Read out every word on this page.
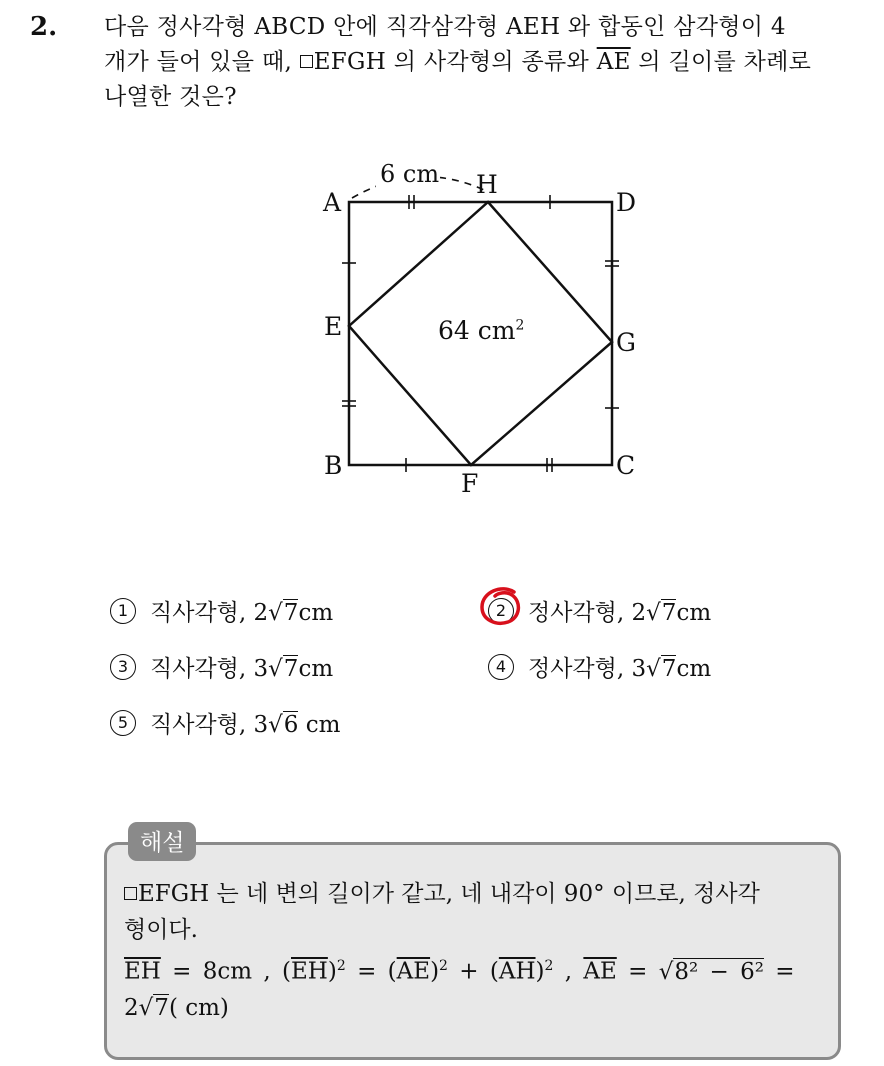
2. 다음 정사각형 ABCD 안에 직각삼각형 AEH 와 합동인 삼각형이 4
개가 들어 있을 때, EFGH 의 사각형의 종류와 $\overline{AE}$ 의 길이를 차례로
나열한 것은?
A
H
D
E
G
B
F
C
6 cm
64 $cm^2$
1 직사각형, 2√7cm	2 정사각형, 2√7cm
3 직사각형, 3√7cm	4 정사각형, 3√7cm
5 직사각형, 3√6 cm
해설
EFGH 는 네 변의 길이가 같고, 네 내각이 90° 이므로, 정사각
형이다.
$\overline{EH} = 8cm$ , $(\overline{EH})^2 = (\overline{AE})^2 + (\overline{AH})^2$ , $\overline{AE} = √8^2 - 6^2$ =
2√7( cm)
